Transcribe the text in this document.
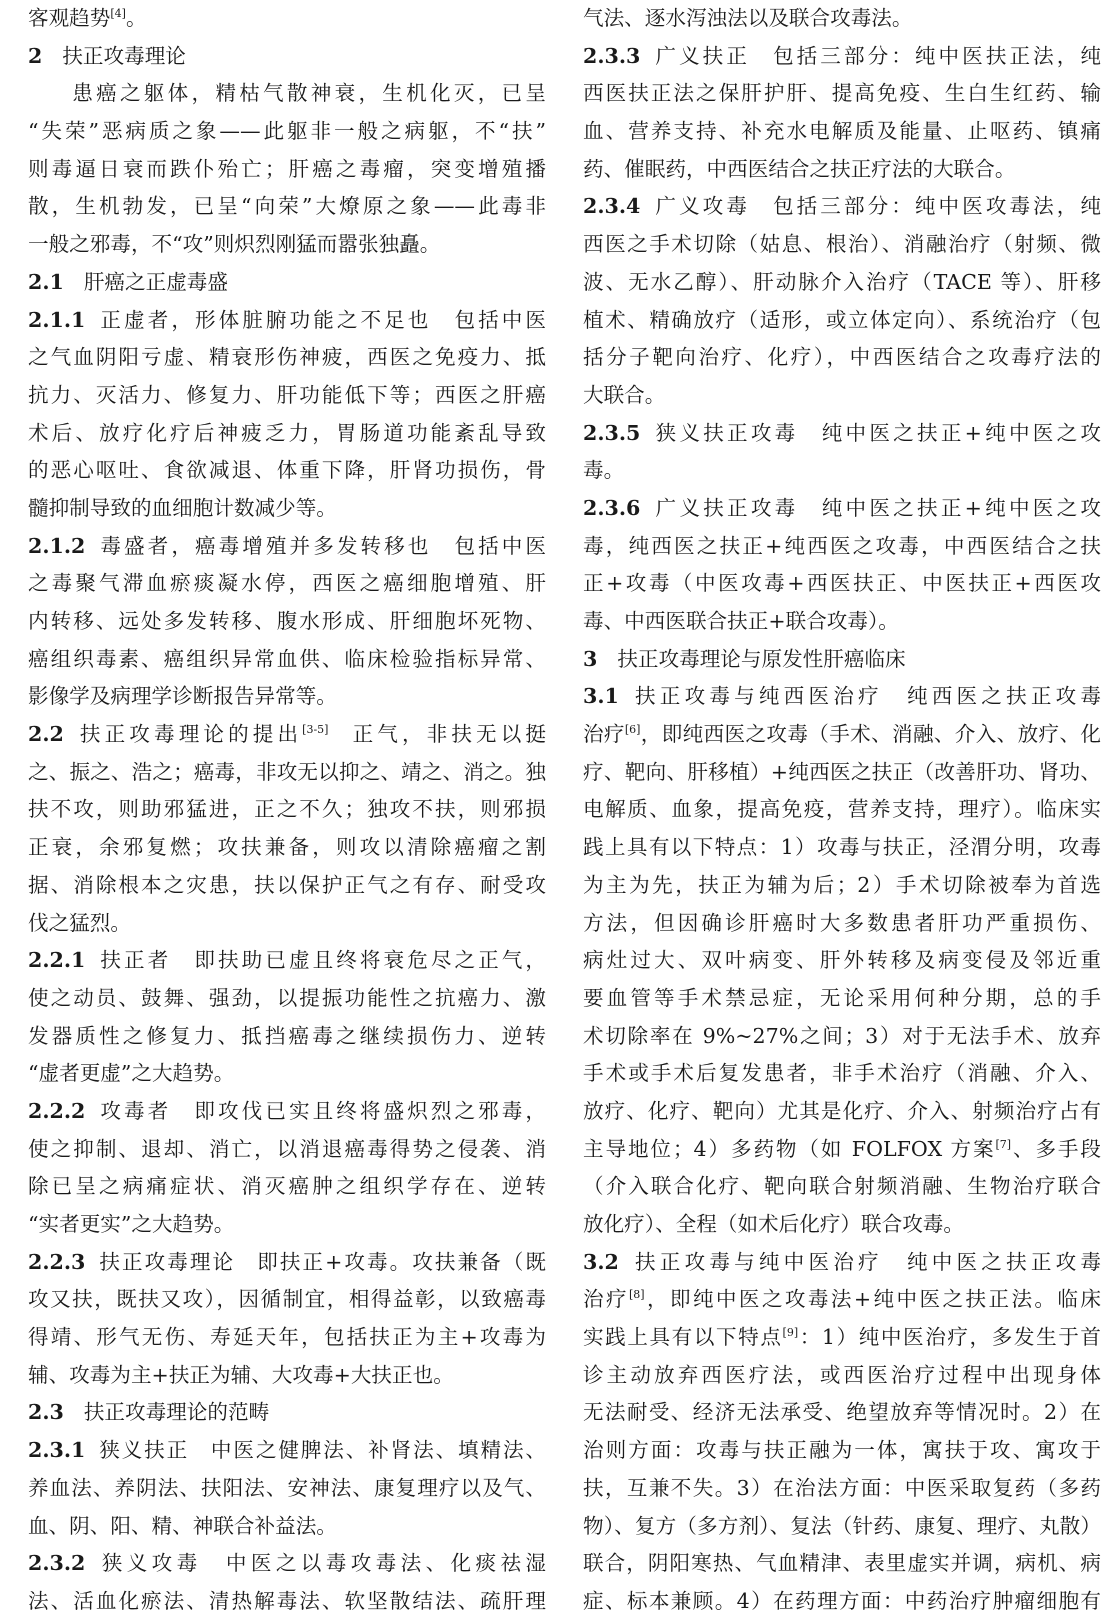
客观趋势[4]。
2 扶正攻毒理论
患癌之躯体，精枯气散神衰，生机化灭，已呈
“失荣”恶病质之象——此躯非一般之病躯，不“扶”
则毒逼日衰而跌仆殆亡；肝癌之毒瘤，突变增殖播
散，生机勃发，已呈“向荣”大燎原之象——此毒非
一般之邪毒，不“攻”则炽烈刚猛而嚣张独矗。
2.1 肝癌之正虚毒盛
2.1.1 正虚者，形体脏腑功能之不足也 包括中医
之气血阴阳亏虚、精衰形伤神疲，西医之免疫力、抵
抗力、灭活力、修复力、肝功能低下等；西医之肝癌
术后、放疗化疗后神疲乏力，胃肠道功能紊乱导致
的恶心呕吐、食欲减退、体重下降，肝肾功损伤，骨
髓抑制导致的血细胞计数减少等。
2.1.2 毒盛者，癌毒增殖并多发转移也 包括中医
之毒聚气滞血瘀痰凝水停，西医之癌细胞增殖、肝
内转移、远处多发转移、腹水形成、肝细胞坏死物、
癌组织毒素、癌组织异常血供、临床检验指标异常、
影像学及病理学诊断报告异常等。
2.2 扶正攻毒理论的提出[3-5] 正气，非扶无以挺
之、振之、浩之；癌毒，非攻无以抑之、靖之、消之。独
扶不攻，则助邪猛进，正之不久；独攻不扶，则邪损
正衰，余邪复燃；攻扶兼备，则攻以清除癌瘤之割
据、消除根本之灾患，扶以保护正气之有存、耐受攻
伐之猛烈。
2.2.1 扶正者 即扶助已虚且终将衰危尽之正气，
使之动员、鼓舞、强劲，以提振功能性之抗癌力、激
发器质性之修复力、抵挡癌毒之继续损伤力、逆转
“虚者更虚”之大趋势。
2.2.2 攻毒者 即攻伐已实且终将盛炽烈之邪毒，
使之抑制、退却、消亡，以消退癌毒得势之侵袭、消
除已呈之病痛症状、消灭癌肿之组织学存在、逆转
“实者更实”之大趋势。
2.2.3 扶正攻毒理论 即扶正+攻毒。攻扶兼备（既
攻又扶，既扶又攻），因循制宜，相得益彰，以致癌毒
得靖、形气无伤、寿延天年，包括扶正为主+攻毒为
辅、攻毒为主+扶正为辅、大攻毒+大扶正也。
2.3 扶正攻毒理论的范畴
2.3.1 狭义扶正 中医之健脾法、补肾法、填精法、
养血法、养阴法、扶阳法、安神法、康复理疗以及气、
血、阴、阳、精、神联合补益法。
2.3.2 狭义攻毒 中医之以毒攻毒法、化痰祛湿
法、活血化瘀法、清热解毒法、软坚散结法、疏肝理
气法、逐水泻浊法以及联合攻毒法。
2.3.3 广义扶正 包括三部分：纯中医扶正法，纯
西医扶正法之保肝护肝、提高免疫、生白生红药、输
血、营养支持、补充水电解质及能量、止呕药、镇痛
药、催眠药，中西医结合之扶正疗法的大联合。
2.3.4 广义攻毒 包括三部分：纯中医攻毒法，纯
西医之手术切除（姑息、根治）、消融治疗（射频、微
波、无水乙醇）、肝动脉介入治疗（TACE 等）、肝移
植术、精确放疗（适形，或立体定向）、系统治疗（包
括分子靶向治疗、化疗），中西医结合之攻毒疗法的
大联合。
2.3.5 狭义扶正攻毒 纯中医之扶正+纯中医之攻
毒。
2.3.6 广义扶正攻毒 纯中医之扶正+纯中医之攻
毒，纯西医之扶正+纯西医之攻毒，中西医结合之扶
正+攻毒（中医攻毒+西医扶正、中医扶正+西医攻
毒、中西医联合扶正+联合攻毒）。
3 扶正攻毒理论与原发性肝癌临床
3.1 扶正攻毒与纯西医治疗 纯西医之扶正攻毒
治疗[6]，即纯西医之攻毒（手术、消融、介入、放疗、化
疗、靶向、肝移植）+纯西医之扶正（改善肝功、肾功、
电解质、血象，提高免疫，营养支持，理疗）。临床实
践上具有以下特点：1）攻毒与扶正，泾渭分明，攻毒
为主为先，扶正为辅为后；2）手术切除被奉为首选
方法，但因确诊肝癌时大多数患者肝功严重损伤、
病灶过大、双叶病变、肝外转移及病变侵及邻近重
要血管等手术禁忌症，无论采用何种分期，总的手
术切除率在 9%~27%之间；3）对于无法手术、放弃
手术或手术后复发患者，非手术治疗（消融、介入、
放疗、化疗、靶向）尤其是化疗、介入、射频治疗占有
主导地位；4）多药物（如 FOLFOX 方案[7]、多手段
（介入联合化疗、靶向联合射频消融、生物治疗联合
放化疗）、全程（如术后化疗）联合攻毒。
3.2 扶正攻毒与纯中医治疗 纯中医之扶正攻毒
治疗[8]，即纯中医之攻毒法+纯中医之扶正法。临床
实践上具有以下特点[9]：1）纯中医治疗，多发生于首
诊主动放弃西医疗法，或西医治疗过程中出现身体
无法耐受、经济无法承受、绝望放弃等情况时。2）在
治则方面：攻毒与扶正融为一体，寓扶于攻、寓攻于
扶，互兼不失。3）在治法方面：中医采取复药（多药
物）、复方（多方剂）、复法（针药、康复、理疗、丸散）
联合，阴阳寒热、气血精津、表里虚实并调，病机、病
症、标本兼顾。4）在药理方面：中药治疗肿瘤细胞有
